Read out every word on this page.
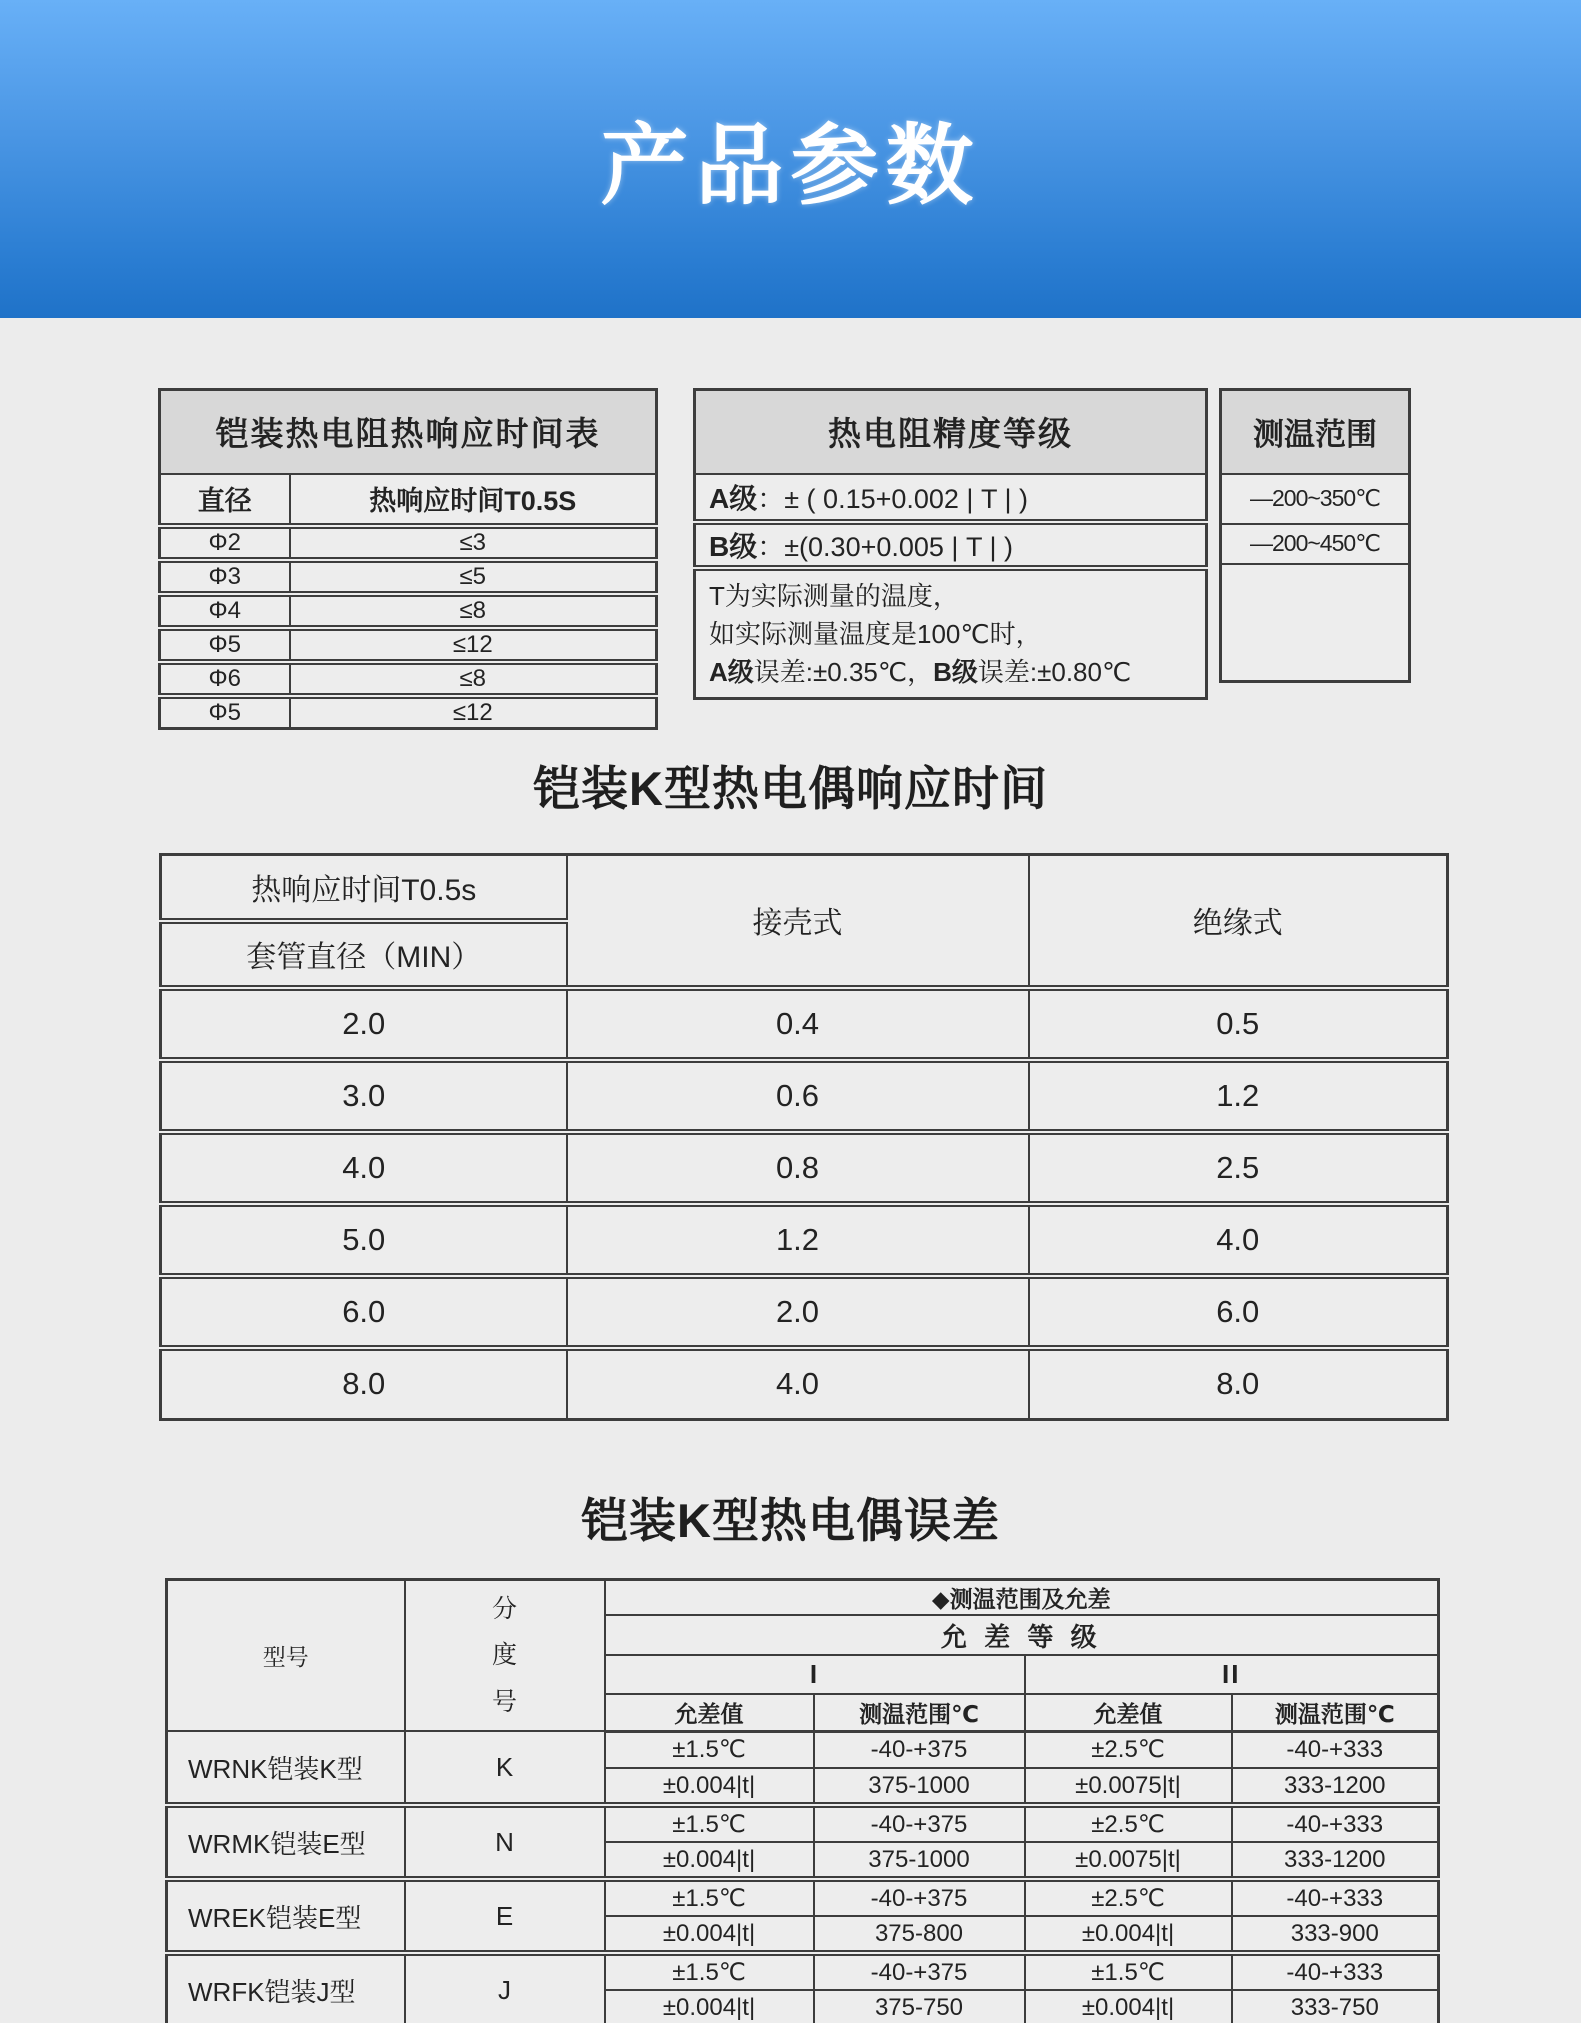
产品参数
铠装热电阻热响应时间表	
直径	热响应时间T0.5S
Φ2	≤3
Φ3	≤5
Φ4	≤8
Φ5	≤12
Φ6	≤8
Φ5	≤12
热电阻精度等级
A级：± ( 0.15+0.002 | T | )
B级：±(0.30+0.005 | T | )

T为实际测量的温度，
如实际测量温度是100℃时，
A级误差:±0.35℃，B级误差:±0.80℃
测温范围
—200~350℃
—200~450℃

铠装K型热电偶响应时间
热响应时间T0.5s	接壳式	绝缘式
套管直径（MIN）		
2.0	0.4	0.5
3.0	0.6	1.2
4.0	0.8	2.5
5.0	1.2	4.0
6.0	2.0	6.0
8.0	4.0	8.0
铠装K型热电偶误差
型号	分度号	◆测温范围及允差			
		允 差 等 级			
		I		II	
		允差值	测温范围℃	允差值	测温范围℃
WRNK铠装K型	K	±1.5℃	-40-+375	±2.5℃	-40-+333
		±0.004|t|	375-1000	±0.0075|t|	333-1200
WRMK铠装E型	N	±1.5℃	-40-+375	±2.5℃	-40-+333
		±0.004|t|	375-1000	±0.0075|t|	333-1200
WREK铠装E型	E	±1.5℃	-40-+375	±2.5℃	-40-+333
		±0.004|t|	375-800	±0.004|t|	333-900
WRFK铠装J型	J	±1.5℃	-40-+375	±1.5℃	-40-+333
		±0.004|t|	375-750	±0.004|t|	333-750
